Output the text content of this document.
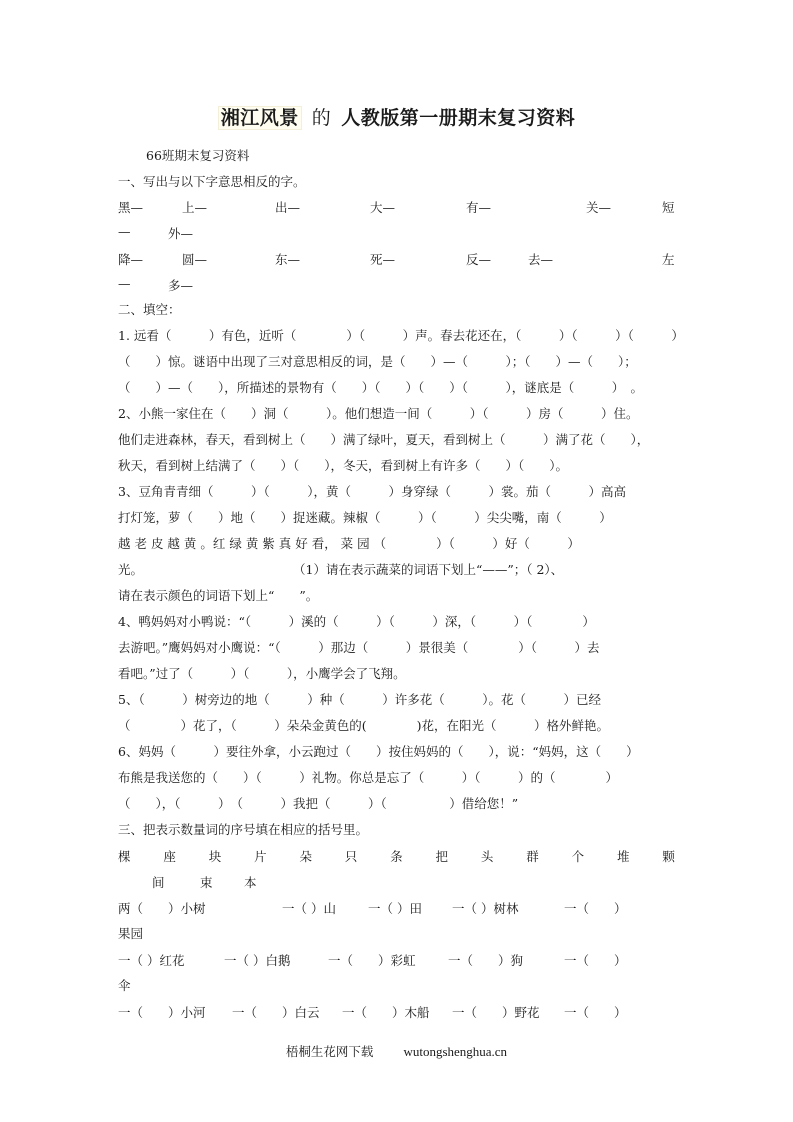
湘江风景 的 人教版第一册期末复习资料
66班期末复习资料
一、写出与以下字意思相反的字。
黑—	上—	出—	大—	有—	关—	短
—	外—
降—	圆—	东—	死—	反—	去—	左
—	多—
二、填空：
1. 远看（　　　）有色，近听（　　　　）（　　　）声。春去花还在，（　　　）（　　　）（　　　）
（　　）惊。谜语中出现了三对意思相反的词，是（　　）—（　　　）；（　　）—（　　）；
（　　）—（　　），所描述的景物有（　　）（　　）（　　）（　　　），谜底是（　　　）　。
2、小熊一家住在（　　）洞（　　　）。他们想造一间（　　　）（　　　）房（　　　）住。
他们走进森林，春天，看到树上（　　）满了绿叶，夏天，看到树上（　　　）满了花（　　），
秋天，看到树上结满了（　　）（　　），冬天，看到树上有许多（　　）（　　）。
3、豆角青青细（　　　）（　　　），黄（　　　）身穿绿（　　　）裳。茄（　　　）高高
打灯笼，萝（　　）地（　　）捉迷藏。辣椒（　　　）（　　　）尖尖嘴，南（　　　）
越 老 皮 越 黄 。红 绿 黄 紫 真 好 看， 菜 园 （　　　　）（　　　）好（　　　）
光。　　　　　　　　　　　　　（1）请在表示蔬菜的词语下划上“——”；（ 2）、
请在表示颜色的词语下划上“　　”。
4、鸭妈妈对小鸭说：“（　　　）溪的（　　　）（　　　）深，（　　　）（　　　　）
去游吧。”鹰妈妈对小鹰说：“（　　　）那边（　　　）景很美（　　　　）（　　　）去
看吧。”过了（　　　）（　　　），小鹰学会了飞翔。
5、（　　　）树旁边的地（　　　）种（　　　）许多花（　　　）。花（　　　）已经
（　　　　）花了，（　　　）朵朵金黄色的(　　　　)花，在阳光（　　　）格外鲜艳。
6、妈妈（　　　）要往外拿，小云跑过（　　）按住妈妈的（　　），说：“妈妈，这（　　）
布熊是我送您的（　　）（　　　）礼物。你总是忘了（　　　）（　　　）的（　　　　）
（　　），（　　　）　（　　　）我把（　　　）（　　　　　）借给您！”
三、把表示数量词的序号填在相应的括号里。
棵	座	块	片	朵	只	条	把	头	群	个	堆	颗
间	束	本
两（　　）小树	一（ ）山	一（ ）田 一（ ）树林	一（　　）
果园
一（ ）红花	一（ ）白鹅	一（　　）彩虹	一（　　）狗	一（　　）
伞
一（　　）小河 一（　　）白云 一（　　）木船 一（　　）野花 一（　　）
梧桐生花网下载 wutongshenghua.cn
